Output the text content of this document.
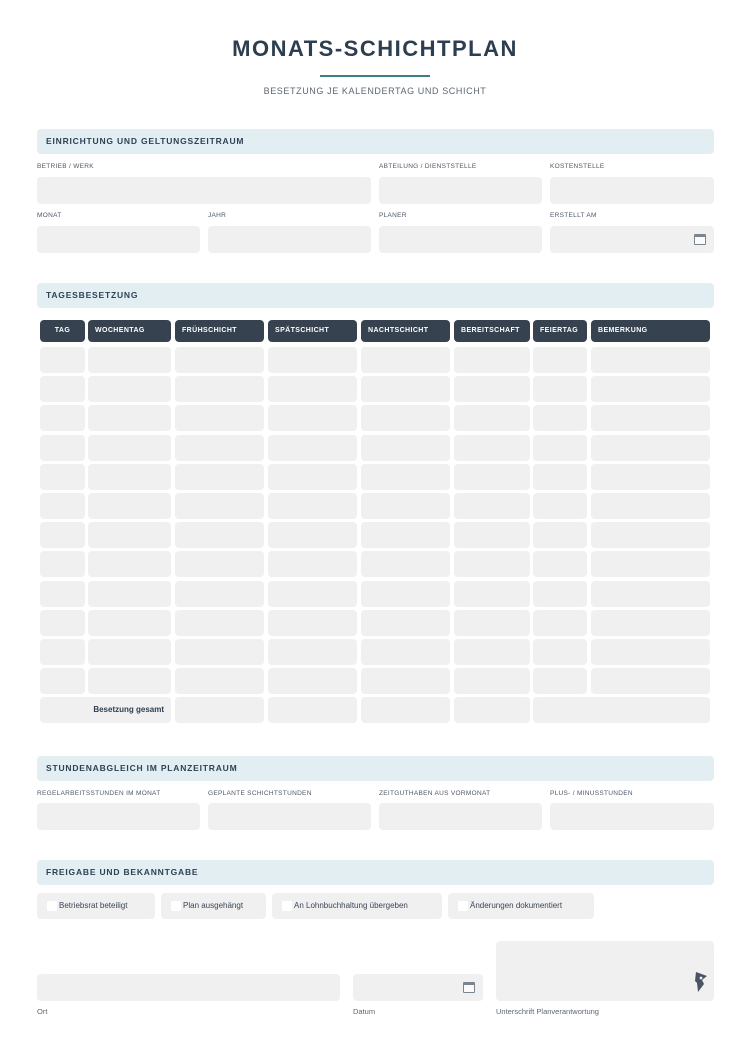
MONATS-SCHICHTPLAN
BESETZUNG JE KALENDERTAG UND SCHICHT
EINRICHTUNG UND GELTUNGSZEITRAUM
BETRIEB / WERK	ABTEILUNG / DIENSTSTELLE	KOSTENSTELLE
MONAT	JAHR	PLANER	ERSTELLT AM
TAGESBESETZUNG
TAG	WOCHENTAG	FRÜHSCHICHT	SPÄTSCHICHT	NACHTSCHICHT	BEREITSCHAFT	FEIERTAG	BEMERKUNG
Besetzung gesamt
STUNDENABGLEICH IM PLANZEITRAUM
REGELARBEITSSTUNDEN IM MONAT	GEPLANTE SCHICHTSTUNDEN	ZEITGUTHABEN AUS VORMONAT	PLUS- / MINUSSTUNDEN
FREIGABE UND BEKANNTGABE
Betriebsrat beteiligt	Plan ausgehängt	An Lohnbuchhaltung übergeben	Änderungen dokumentiert
Ort	Datum	Unterschrift Planverantwortung
